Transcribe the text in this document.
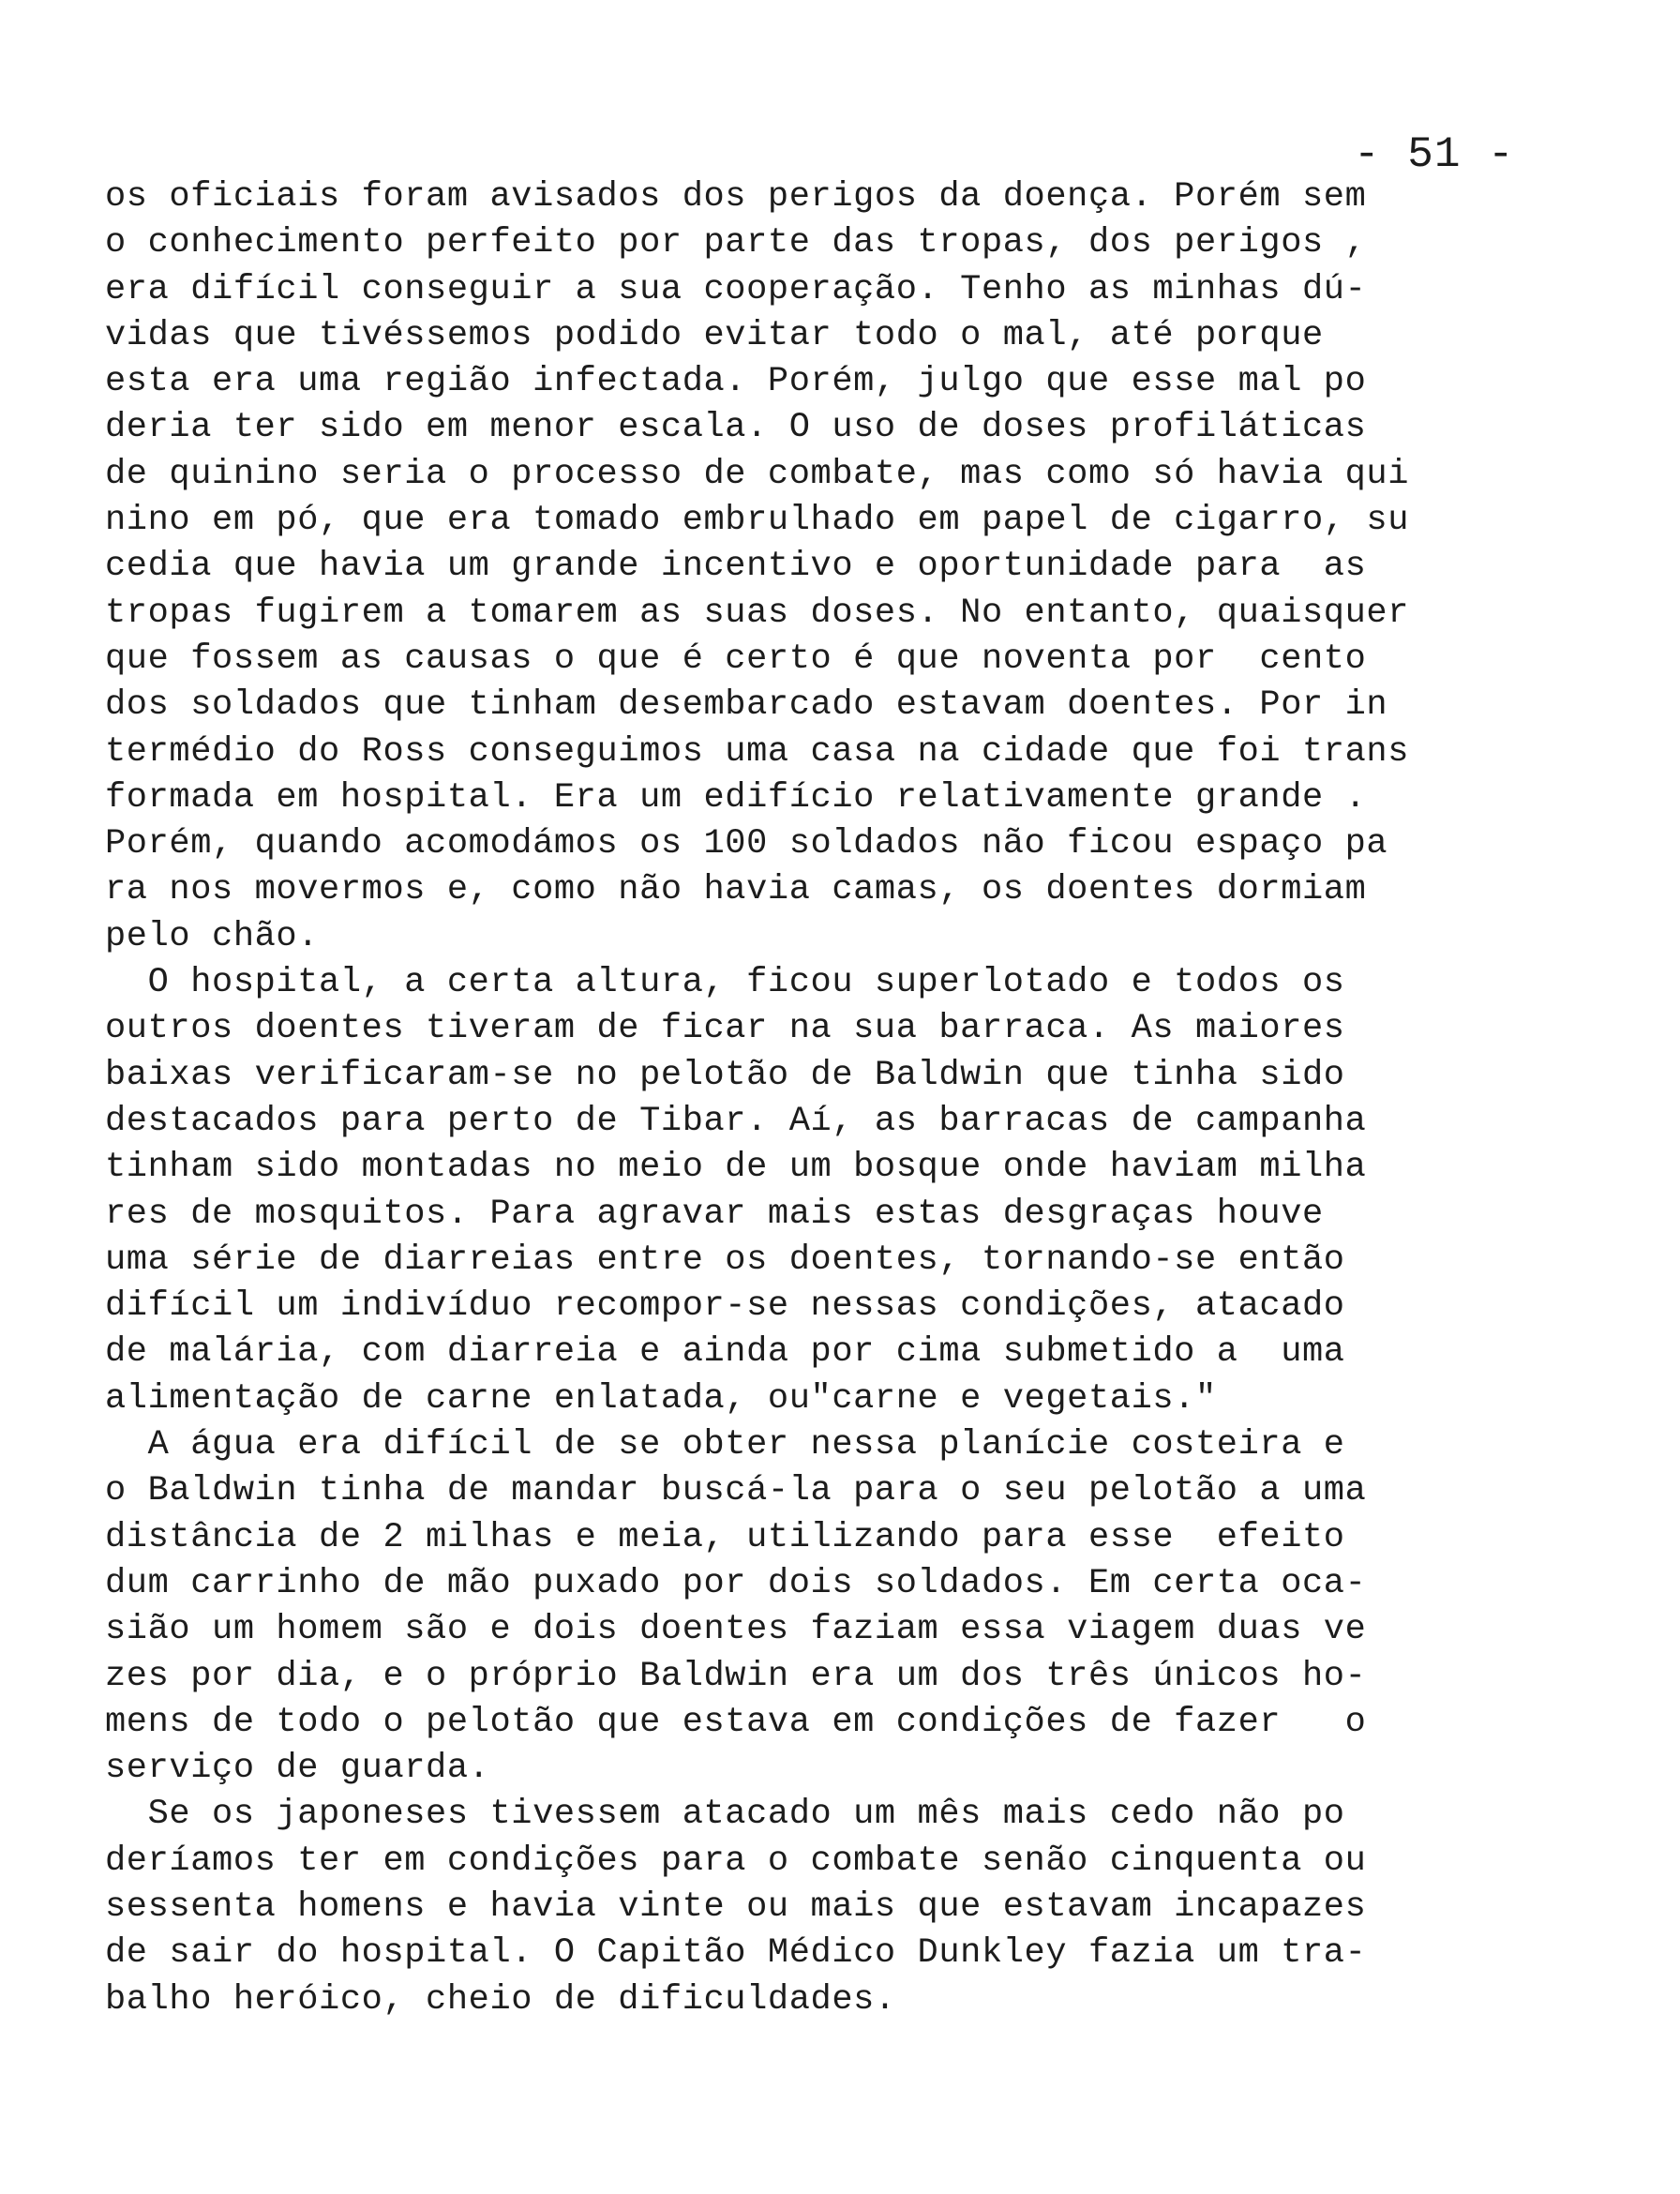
- 51 -
os oficiais foram avisados dos perigos da doença. Porém sem
o conhecimento perfeito por parte das tropas, dos perigos ,
era difícil conseguir a sua cooperação. Tenho as minhas dú-
vidas que tivéssemos podido evitar todo o mal, até porque
esta era uma região infectada. Porém, julgo que esse mal po
deria ter sido em menor escala. O uso de doses profiláticas
de quinino seria o processo de combate, mas como só havia qui
nino em pó, que era tomado embrulhado em papel de cigarro, su
cedia que havia um grande incentivo e oportunidade para  as
tropas fugirem a tomarem as suas doses. No entanto, quaisquer
que fossem as causas o que é certo é que noventa por  cento
dos soldados que tinham desembarcado estavam doentes. Por in
termédio do Ross conseguimos uma casa na cidade que foi trans
formada em hospital. Era um edifício relativamente grande .
Porém, quando acomodámos os 100 soldados não ficou espaço pa
ra nos movermos e, como não havia camas, os doentes dormiam
pelo chão.
O hospital, a certa altura, ficou superlotado e todos os
outros doentes tiveram de ficar na sua barraca. As maiores
baixas verificaram-se no pelotão de Baldwin que tinha sido
destacados para perto de Tibar. Aí, as barracas de campanha
tinham sido montadas no meio de um bosque onde haviam milha
res de mosquitos. Para agravar mais estas desgraças houve
uma série de diarreias entre os doentes, tornando-se então
difícil um indivíduo recompor-se nessas condições, atacado
de malária, com diarreia e ainda por cima submetido a  uma
alimentação de carne enlatada, ou"carne e vegetais."
A água era difícil de se obter nessa planície costeira e
o Baldwin tinha de mandar buscá-la para o seu pelotão a uma
distância de 2 milhas e meia, utilizando para esse  efeito
dum carrinho de mão puxado por dois soldados. Em certa oca-
sião um homem são e dois doentes faziam essa viagem duas ve
zes por dia, e o próprio Baldwin era um dos três únicos ho-
mens de todo o pelotão que estava em condições de fazer   o
serviço de guarda.
Se os japoneses tivessem atacado um mês mais cedo não po
deríamos ter em condições para o combate senão cinquenta ou
sessenta homens e havia vinte ou mais que estavam incapazes
de sair do hospital. O Capitão Médico Dunkley fazia um tra-
balho heróico, cheio de dificuldades.
